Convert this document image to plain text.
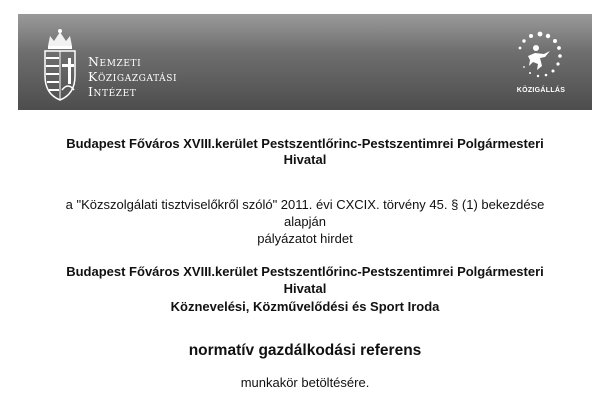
Nemzeti
Közigazgatási
Intézet	KÖZIGÁLLÁS
Budapest Főváros XVIII.kerület Pestszentlőrinc-Pestszentimrei Polgármesteri
Hivatal
a "Közszolgálati tisztviselőkről szóló" 2011. évi CXCIX. törvény 45. § (1) bekezdése
alapján
pályázatot hirdet
Budapest Főváros XVIII.kerület Pestszentlőrinc-Pestszentimrei Polgármesteri
Hivatal
Köznevelési, Közművelődési és Sport Iroda
normatív gazdálkodási referens
munkakör betöltésére.
